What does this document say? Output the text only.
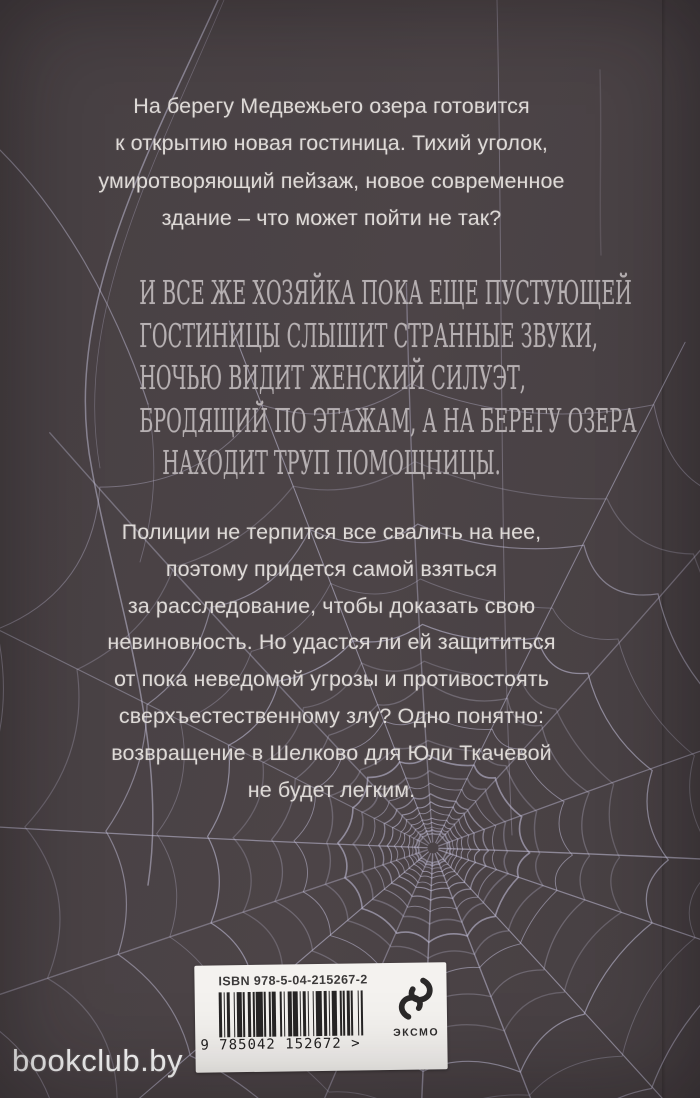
На берегу Медвежьего озера готовится
к открытию новая гостиница. Тихий уголок,
умиротворяющий пейзаж, новое современное
здание – что может пойти не так?
И ВСЕ ЖЕ ХОЗЯЙКА ПОКА ЕЩЕ ПУСТУЮЩЕЙ
ГОСТИНИЦЫ СЛЫШИТ СТРАННЫЕ ЗВУКИ,
НОЧЬЮ ВИДИТ ЖЕНСКИЙ СИЛУЭТ,
БРОДЯЩИЙ ПО ЭТАЖАМ, А НА БЕРЕГУ ОЗЕРА
НАХОДИТ ТРУП ПОМОЩНИЦЫ.
Полиции не терпится все свалить на нее,
поэтому придется самой взяться
за расследование, чтобы доказать свою
невиновность. Но удастся ли ей защититься
от пока неведомой угрозы и противостоять
сверхъестественному злу? Одно понятно:
возвращение в Шелково для Юли Ткачевой
не будет легким.
ISBN 978-5-04-215267-2
9 785042 152672 >
ЭКСМО
bookclub.by
